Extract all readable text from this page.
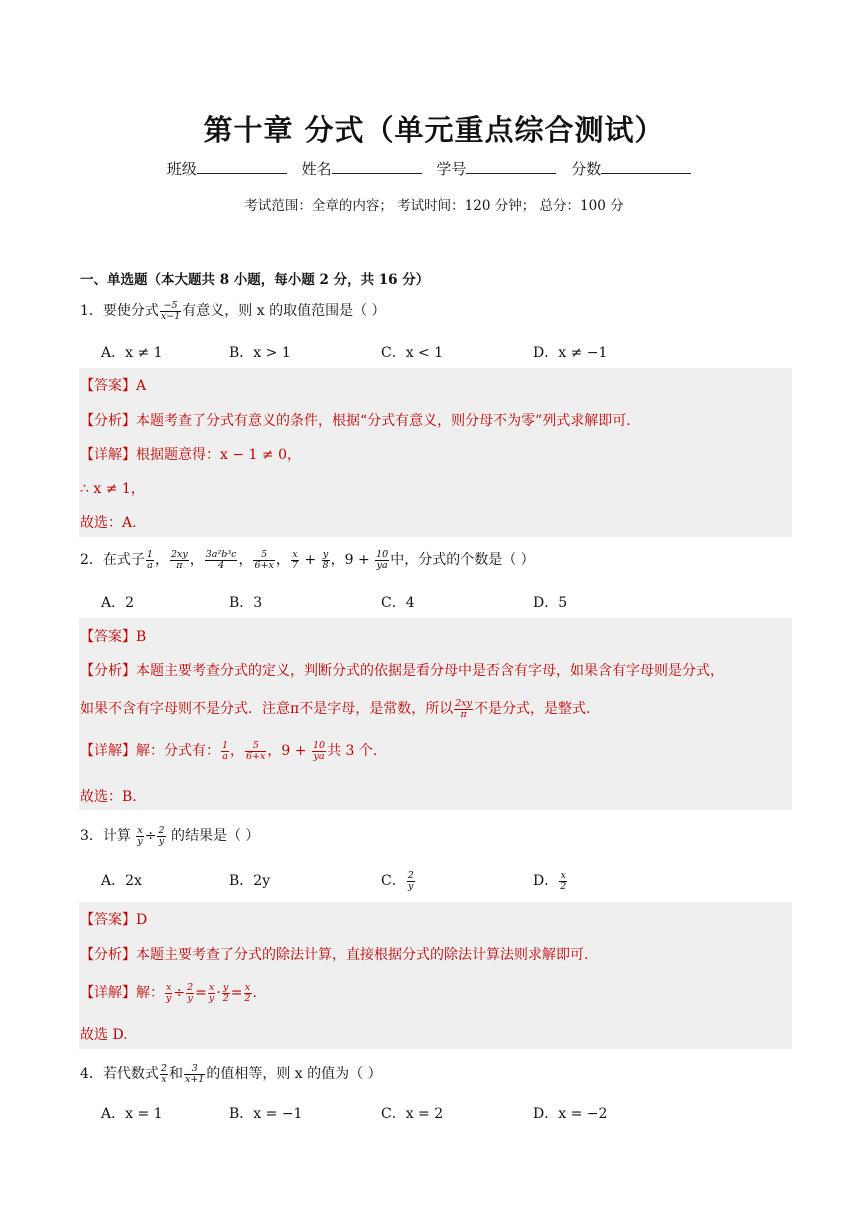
第十章 分式（单元重点综合测试）
班级	姓名	学号	分数
考试范围：全章的内容； 考试时间：120 分钟； 总分：100 分
一、单选题（本大题共 8 小题，每小题 2 分，共 16 分）
1．要使分式 $\frac{-5}{x-1}$ 有意义，则 x 的取值范围是（ ）
A．x ≠ 1	B．x > 1	C．x < 1	D．x ≠ −1
【答案】A
【分析】本题考查了分式有意义的条件，根据“分式有意义，则分母不为零”列式求解即可.
【详解】根据题意得：x − 1 ≠ 0，
∴ x ≠ 1，
故选：A.
2．在式子 $\frac{1}{a}$ ， $\frac{2xy}{\pi}$ ， $\frac{\text{3a²b³c}}{4}$ ， $\frac{5}{6+x}$ ， $\frac{x}{7} + \frac{y}{8}$ ，$9 + \frac{10}{ya}$ 中，分式的个数是（ ）
A．2	B．3	C．4	D．5
【答案】B
【分析】本题主要考查分式的定义，判断分式的依据是看分母中是否含有字母，如果含有字母则是分式，
如果不含有字母则不是分式．注意π不是字母，是常数，所以 $\frac{2xy}{\pi}$ 不是分式，是整式.
【详解】解：分式有： $\frac{1}{a}$ ， $\frac{5}{6+x}$ ，$9 + \frac{10}{ya}$ 共 3 个.
故选：B.
3．计算 $\frac{x}{y} \div \frac{2}{y}$ 的结果是（ ）
A．2x	B．2y	C． $\frac{2}{y}$	D． $\frac{x}{2}$
【答案】D
【分析】本题主要考查了分式的除法计算，直接根据分式的除法计算法则求解即可.
【详解】解： $\frac{x}{y} \div \frac{2}{y} = \frac{x}{y} \cdot \frac{y}{2} = \frac{x}{2}$ .
故选 D.
4．若代数式 $\frac{2}{x}$ 和 $\frac{3}{x+1}$ 的值相等，则 x 的值为（ ）
A．x = 1	B．x = −1	C．x = 2	D．x = −2
